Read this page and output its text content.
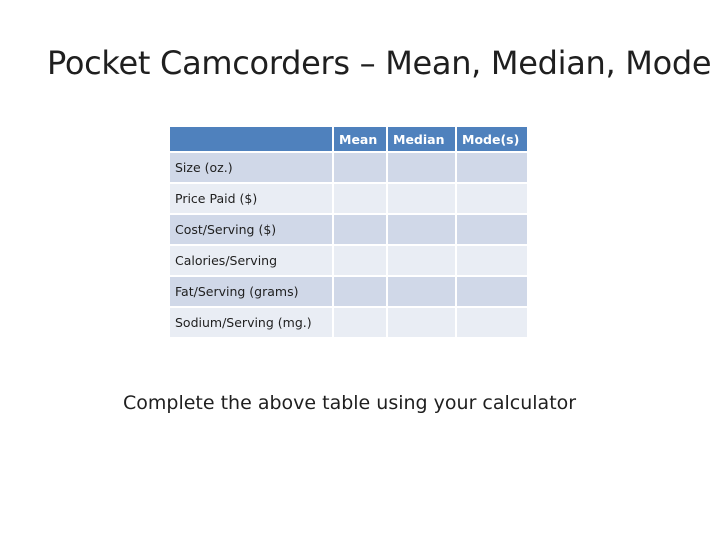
Pocket Camcorders – Mean, Median, Mode
	Mean	Median	Mode(s)
Size (oz.)			
Price Paid ($)			
Cost/Serving ($)			
Calories/Serving			
Fat/Serving (grams)			
Sodium/Serving (mg.)			
Complete the above table using your calculator
